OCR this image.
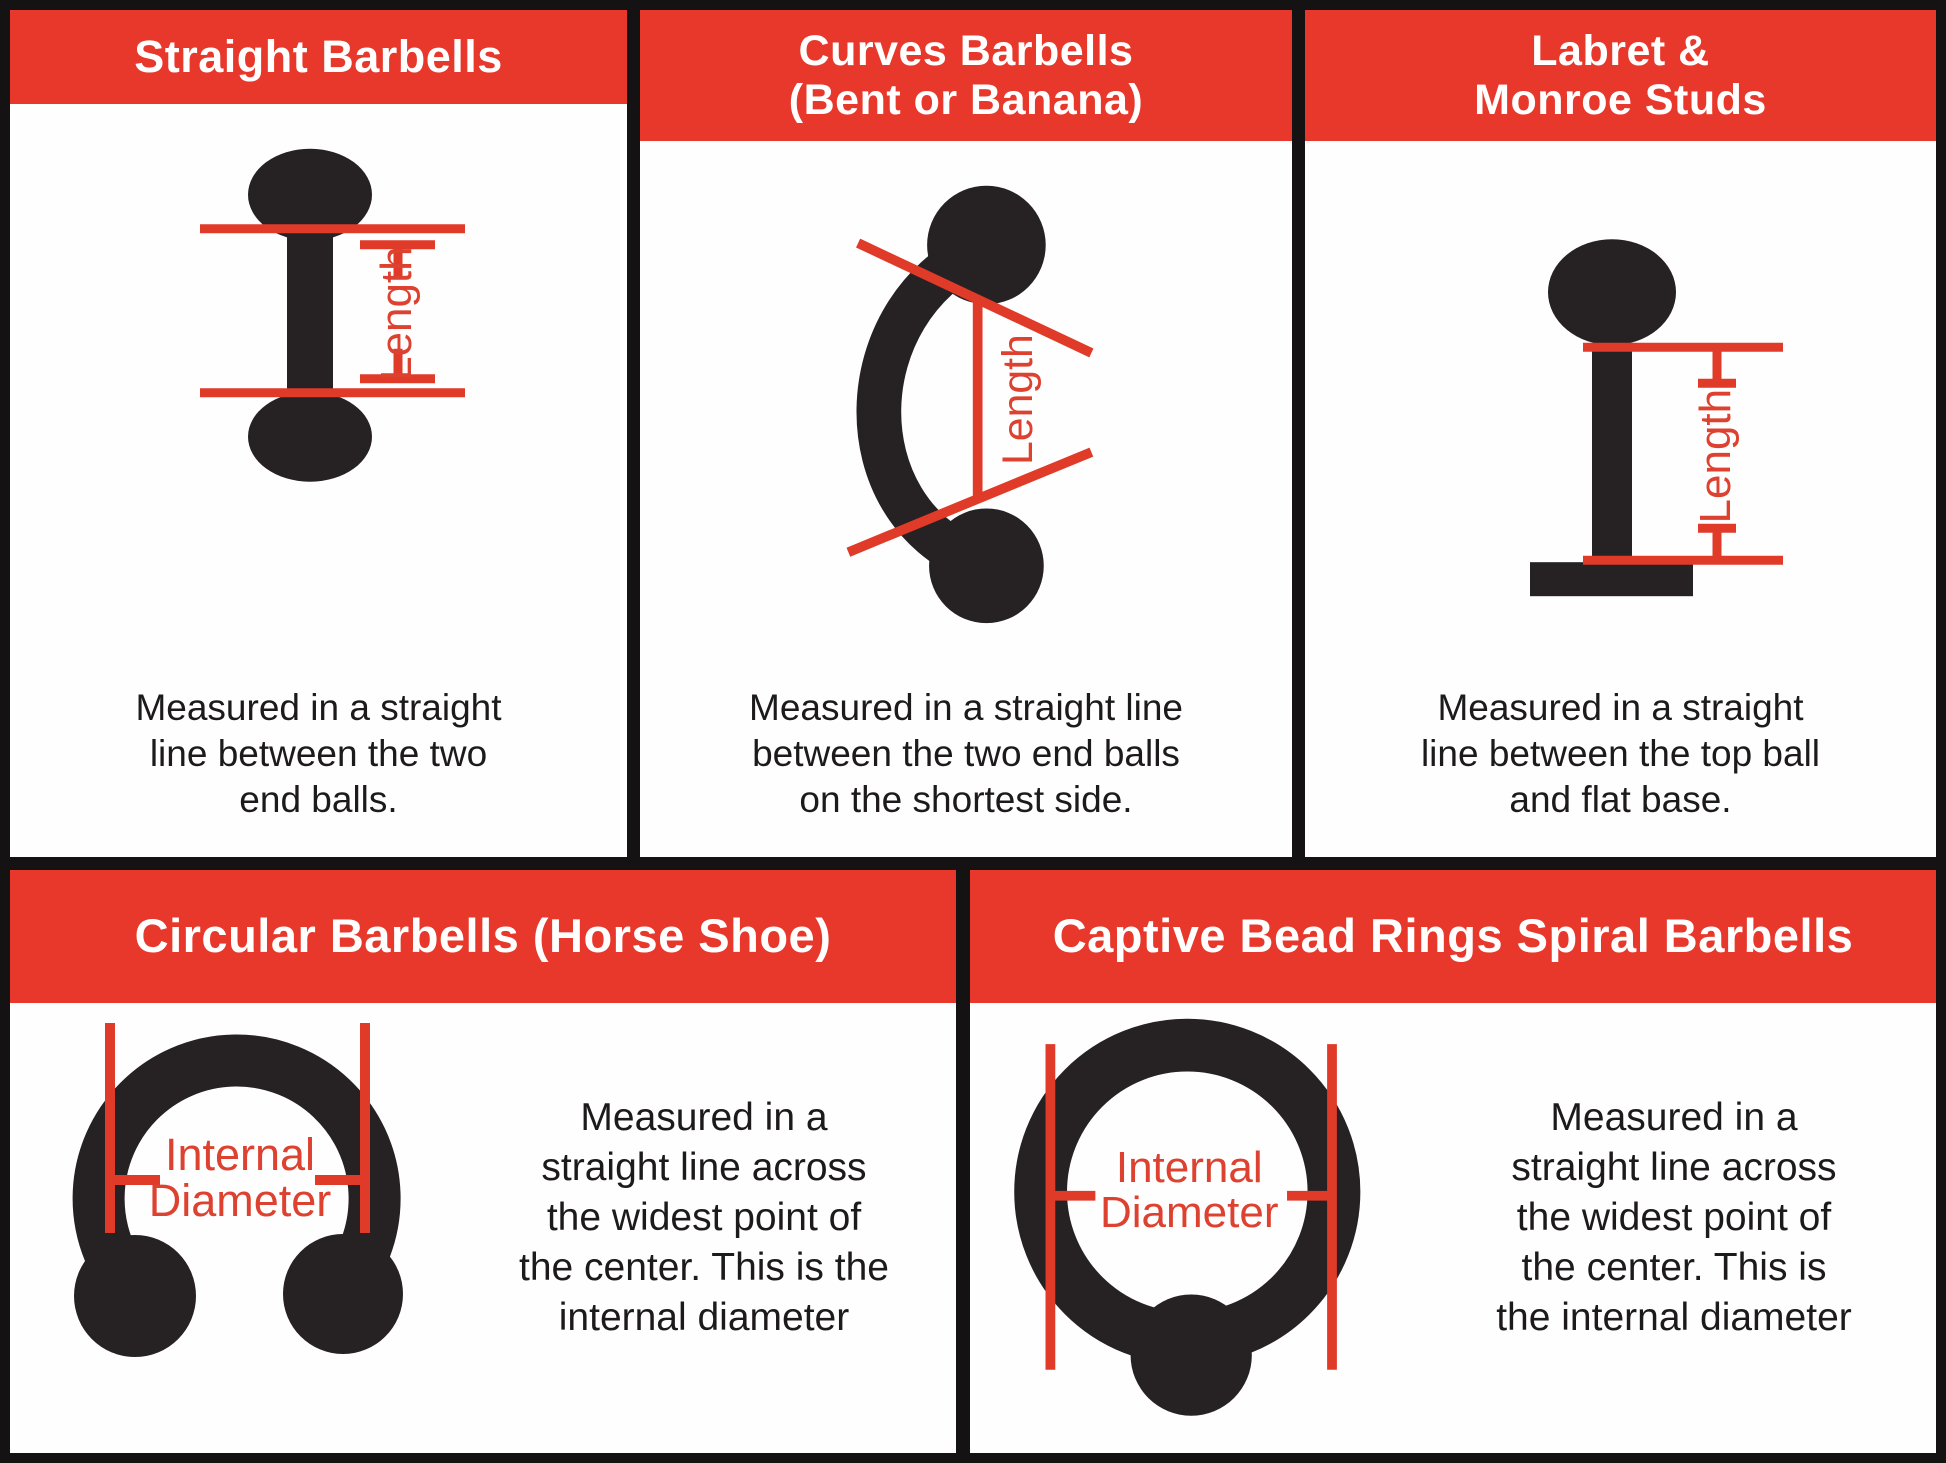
Straight Barbells
Length
Measured in a straight
line between the two
end balls.
Curves Barbells
(Bent or Banana)
Length
Measured in a straight line
between the two end balls
on the shortest side.
Labret &
Monroe Studs
Length
Measured in a straight
line between the top ball
and flat base.
Circular Barbells (Horse Shoe)
Internal
Diameter
Measured in a
straight line across
the widest point of
the center. This is the
internal diameter
Captive Bead Rings Spiral Barbells
Internal
Diameter
Measured in a
straight line across
the widest point of
the center. This is
the internal diameter
